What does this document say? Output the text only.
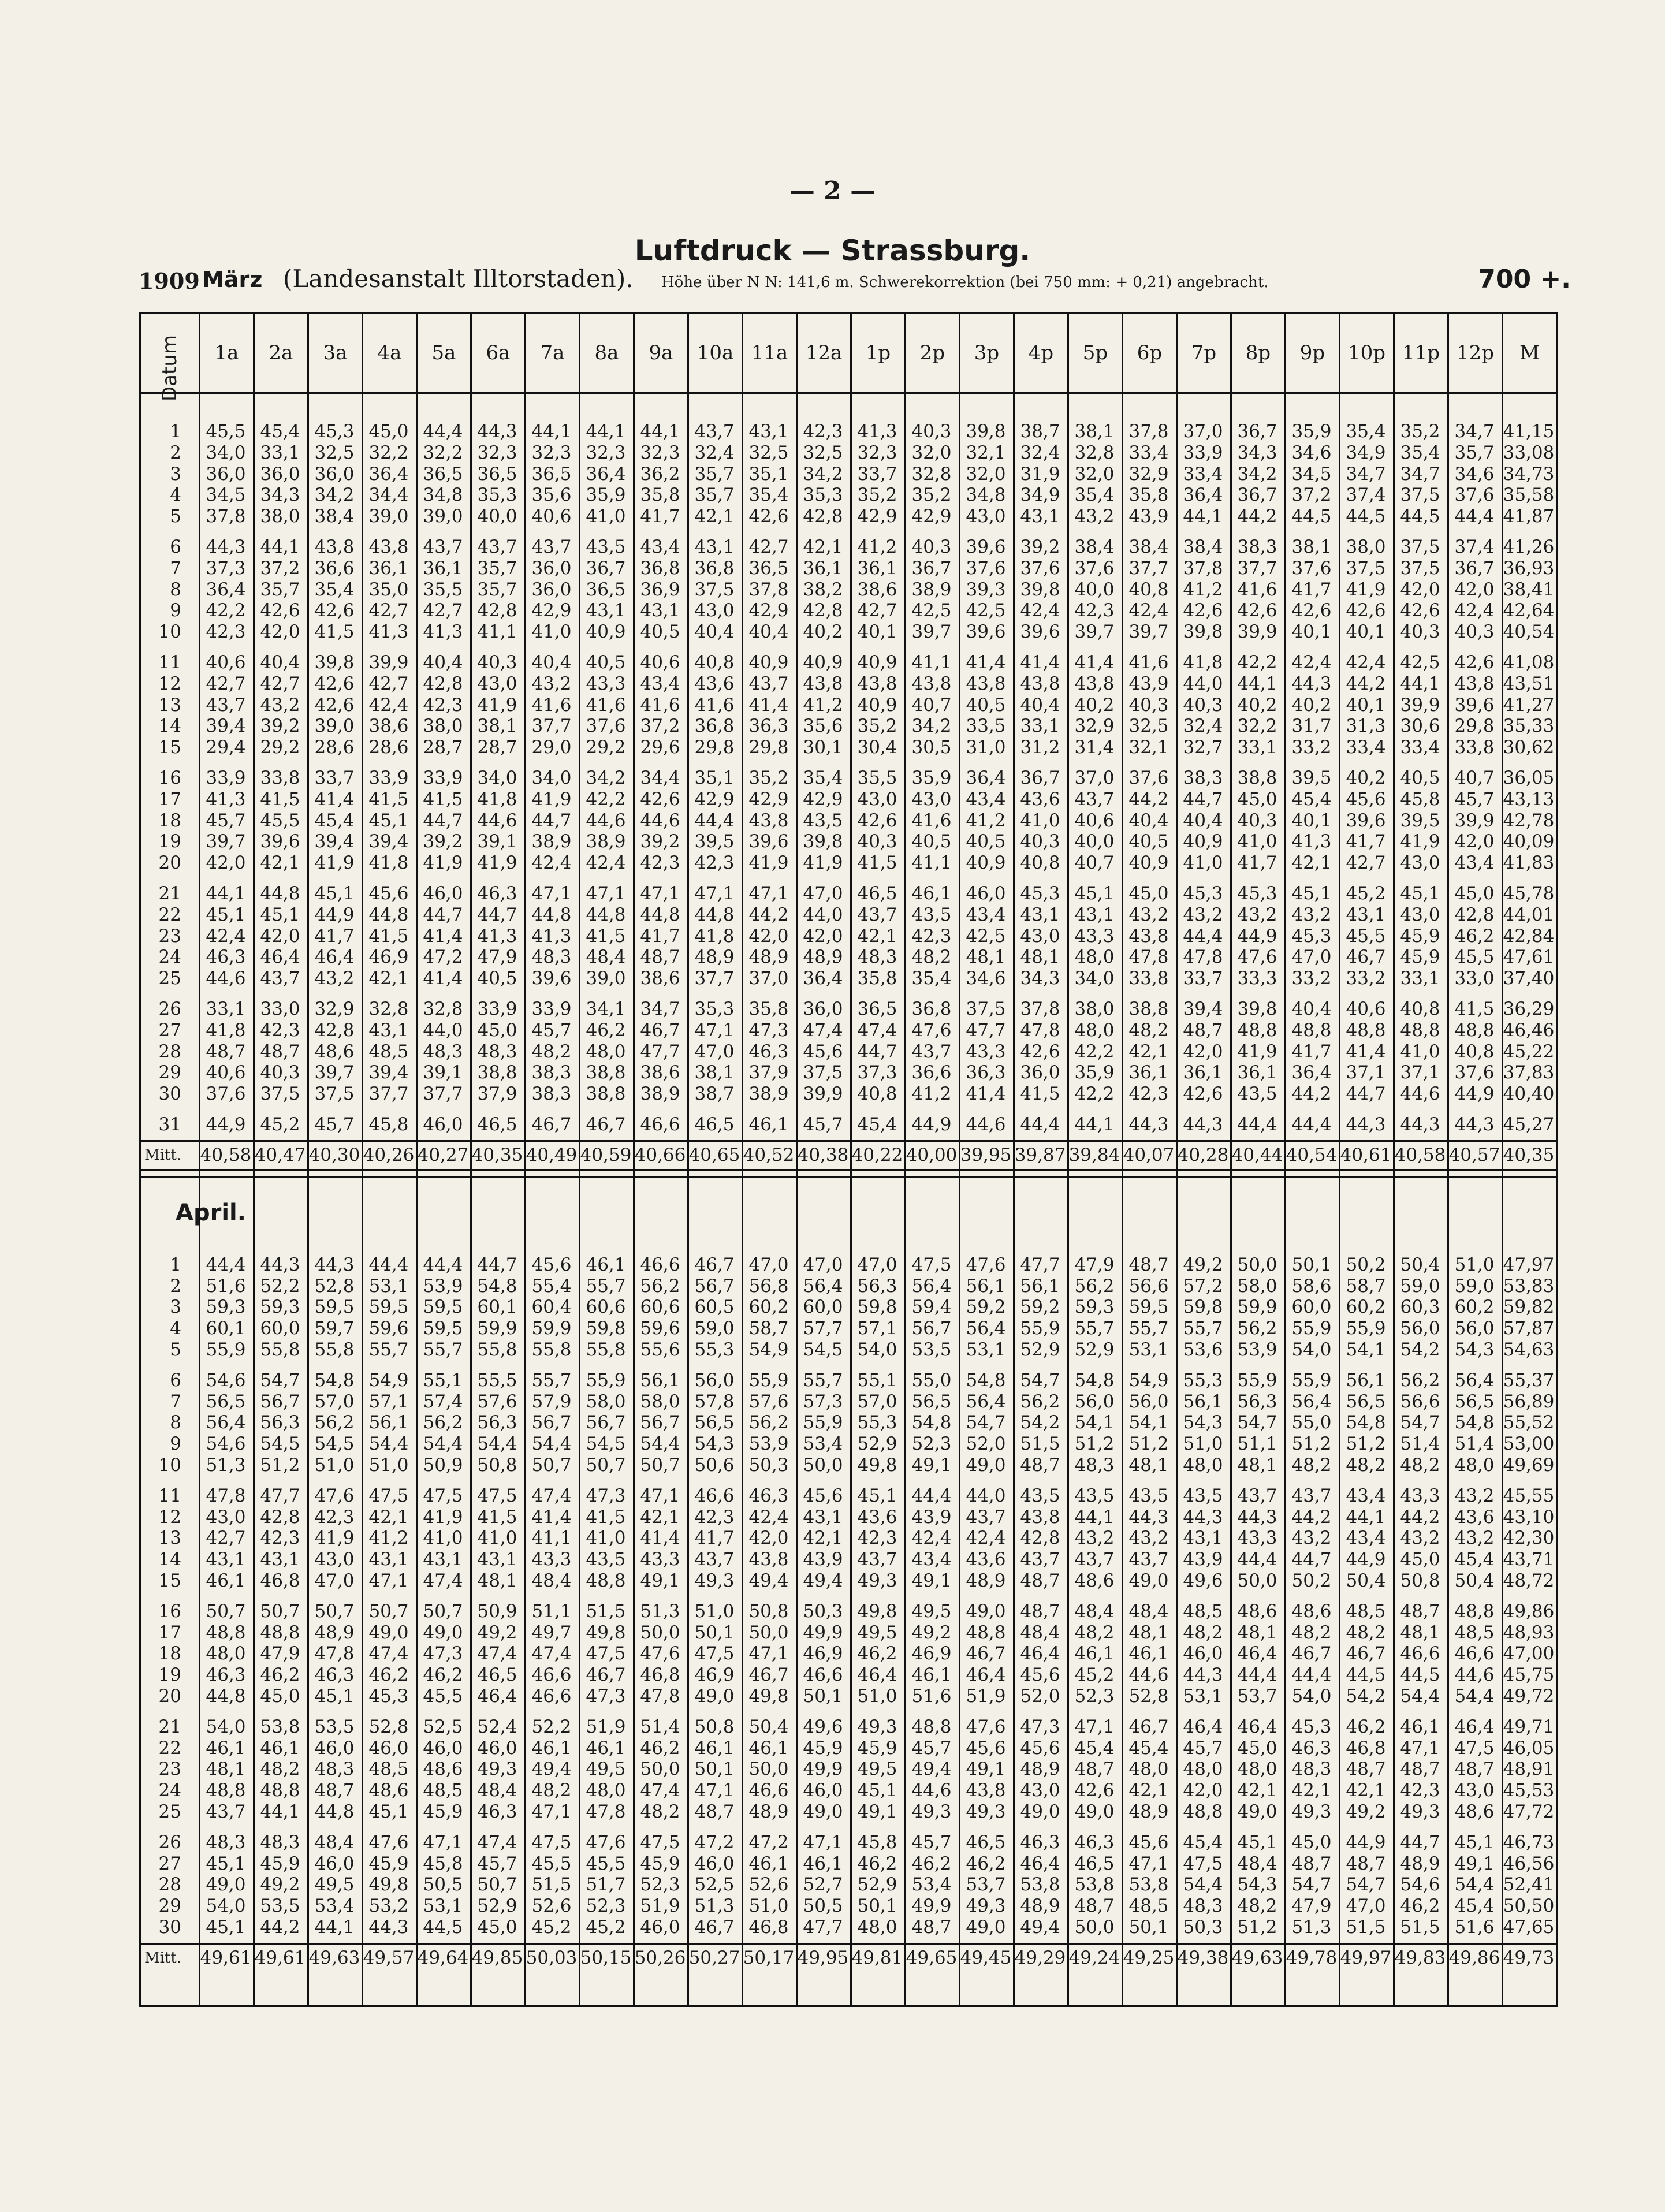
— 2 —
Luftdruck — Strassburg.
1909 März (Landesanstalt Illtorstaden). Höhe über N N: 141,6 m. Schwerekorrektion (bei 750 mm: + 0,21) angebracht.	700 +.
Datum	1a	2a	3a	4a	5a	6a	7a	8a	9a	10a 11a 12a	1p	2p	3p	4p	5p	6p	7p	8p	9p	10p 11p 12p	M
1	45,5 45,4 45,3 45,0 44,4 44,3 44,1 44,1 44,1 43,7 43,1 42,3 41,3 40,3 39,8 38,7 38,1 37,8 37,0 36,7 35,9 35,4 35,2 34,7 41,15
2	34,0 33,1 32,5 32,2 32,2 32,3 32,3 32,3 32,3 32,4 32,5 32,5 32,3 32,0 32,1 32,4 32,8 33,4 33,9 34,3 34,6 34,9 35,4 35,7 33,08
3	36,0 36,0 36,0 36,4 36,5 36,5 36,5 36,4 36,2 35,7 35,1 34,2 33,7 32,8 32,0 31,9 32,0 32,9 33,4 34,2 34,5 34,7 34,7 34,6 34,73
4	34,5 34,3 34,2 34,4 34,8 35,3 35,6 35,9 35,8 35,7 35,4 35,3 35,2 35,2 34,8 34,9 35,4 35,8 36,4 36,7 37,2 37,4 37,5 37,6 35,58
5	37,8 38,0 38,4 39,0 39,0 40,0 40,6 41,0 41,7 42,1 42,6 42,8 42,9 42,9 43,0 43,1 43,2 43,9 44,1 44,2 44,5 44,5 44,5 44,4 41,87
6	44,3 44,1 43,8 43,8 43,7 43,7 43,7 43,5 43,4 43,1 42,7 42,1 41,2 40,3 39,6 39,2 38,4 38,4 38,4 38,3 38,1 38,0 37,5 37,4 41,26
7	37,3 37,2 36,6 36,1 36,1 35,7 36,0 36,7 36,8 36,8 36,5 36,1 36,1 36,7 37,6 37,6 37,6 37,7 37,8 37,7 37,6 37,5 37,5 36,7 36,93
8	36,4 35,7 35,4 35,0 35,5 35,7 36,0 36,5 36,9 37,5 37,8 38,2 38,6 38,9 39,3 39,8 40,0 40,8 41,2 41,6 41,7 41,9 42,0 42,0 38,41
9	42,2 42,6 42,6 42,7 42,7 42,8 42,9 43,1 43,1 43,0 42,9 42,8 42,7 42,5 42,5 42,4 42,3 42,4 42,6 42,6 42,6 42,6 42,6 42,4 42,64
10	42,3 42,0 41,5 41,3 41,3 41,1 41,0 40,9 40,5 40,4 40,4 40,2 40,1 39,7 39,6 39,6 39,7 39,7 39,8 39,9 40,1 40,1 40,3 40,3 40,54
11	40,6 40,4 39,8 39,9 40,4 40,3 40,4 40,5 40,6 40,8 40,9 40,9 40,9 41,1 41,4 41,4 41,4 41,6 41,8 42,2 42,4 42,4 42,5 42,6 41,08
12	42,7 42,7 42,6 42,7 42,8 43,0 43,2 43,3 43,4 43,6 43,7 43,8 43,8 43,8 43,8 43,8 43,8 43,9 44,0 44,1 44,3 44,2 44,1 43,8 43,51
13	43,7 43,2 42,6 42,4 42,3 41,9 41,6 41,6 41,6 41,6 41,4 41,2 40,9 40,7 40,5 40,4 40,2 40,3 40,3 40,2 40,2 40,1 39,9 39,6 41,27
14	39,4 39,2 39,0 38,6 38,0 38,1 37,7 37,6 37,2 36,8 36,3 35,6 35,2 34,2 33,5 33,1 32,9 32,5 32,4 32,2 31,7 31,3 30,6 29,8 35,33
15	29,4 29,2 28,6 28,6 28,7 28,7 29,0 29,2 29,6 29,8 29,8 30,1 30,4 30,5 31,0 31,2 31,4 32,1 32,7 33,1 33,2 33,4 33,4 33,8 30,62
16	33,9 33,8 33,7 33,9 33,9 34,0 34,0 34,2 34,4 35,1 35,2 35,4 35,5 35,9 36,4 36,7 37,0 37,6 38,3 38,8 39,5 40,2 40,5 40,7 36,05
17	41,3 41,5 41,4 41,5 41,5 41,8 41,9 42,2 42,6 42,9 42,9 42,9 43,0 43,0 43,4 43,6 43,7 44,2 44,7 45,0 45,4 45,6 45,8 45,7 43,13
18	45,7 45,5 45,4 45,1 44,7 44,6 44,7 44,6 44,6 44,4 43,8 43,5 42,6 41,6 41,2 41,0 40,6 40,4 40,4 40,3 40,1 39,6 39,5 39,9 42,78
19	39,7 39,6 39,4 39,4 39,2 39,1 38,9 38,9 39,2 39,5 39,6 39,8 40,3 40,5 40,5 40,3 40,0 40,5 40,9 41,0 41,3 41,7 41,9 42,0 40,09
20	42,0 42,1 41,9 41,8 41,9 41,9 42,4 42,4 42,3 42,3 41,9 41,9 41,5 41,1 40,9 40,8 40,7 40,9 41,0 41,7 42,1 42,7 43,0 43,4 41,83
21	44,1 44,8 45,1 45,6 46,0 46,3 47,1 47,1 47,1 47,1 47,1 47,0 46,5 46,1 46,0 45,3 45,1 45,0 45,3 45,3 45,1 45,2 45,1 45,0 45,78
22	45,1 45,1 44,9 44,8 44,7 44,7 44,8 44,8 44,8 44,8 44,2 44,0 43,7 43,5 43,4 43,1 43,1 43,2 43,2 43,2 43,2 43,1 43,0 42,8 44,01
23	42,4 42,0 41,7 41,5 41,4 41,3 41,3 41,5 41,7 41,8 42,0 42,0 42,1 42,3 42,5 43,0 43,3 43,8 44,4 44,9 45,3 45,5 45,9 46,2 42,84
24	46,3 46,4 46,4 46,9 47,2 47,9 48,3 48,4 48,7 48,9 48,9 48,9 48,3 48,2 48,1 48,1 48,0 47,8 47,8 47,6 47,0 46,7 45,9 45,5 47,61
25	44,6 43,7 43,2 42,1 41,4 40,5 39,6 39,0 38,6 37,7 37,0 36,4 35,8 35,4 34,6 34,3 34,0 33,8 33,7 33,3 33,2 33,2 33,1 33,0 37,40
26	33,1 33,0 32,9 32,8 32,8 33,9 33,9 34,1 34,7 35,3 35,8 36,0 36,5 36,8 37,5 37,8 38,0 38,8 39,4 39,8 40,4 40,6 40,8 41,5 36,29
27	41,8 42,3 42,8 43,1 44,0 45,0 45,7 46,2 46,7 47,1 47,3 47,4 47,4 47,6 47,7 47,8 48,0 48,2 48,7 48,8 48,8 48,8 48,8 48,8 46,46
28	48,7 48,7 48,6 48,5 48,3 48,3 48,2 48,0 47,7 47,0 46,3 45,6 44,7 43,7 43,3 42,6 42,2 42,1 42,0 41,9 41,7 41,4 41,0 40,8 45,22
29	40,6 40,3 39,7 39,4 39,1 38,8 38,3 38,8 38,6 38,1 37,9 37,5 37,3 36,6 36,3 36,0 35,9 36,1 36,1 36,1 36,4 37,1 37,1 37,6 37,83
30	37,6 37,5 37,5 37,7 37,7 37,9 38,3 38,8 38,9 38,7 38,9 39,9 40,8 41,2 41,4 41,5 42,2 42,3 42,6 43,5 44,2 44,7 44,6 44,9 40,40
31	44,9 45,2 45,7 45,8 46,0 46,5 46,7 46,7 46,6 46,5 46,1 45,7 45,4 44,9 44,6 44,4 44,1 44,3 44,3 44,4 44,4 44,3 44,3 44,3 45,27
Mitt.	40,58 40,47 40,30 40,26 40,27 40,35 40,49 40,59 40,66 40,65 40,52 40,38 40,22 40,00 39,95 39,87 39,84 40,07 40,28 40,44 40,54 40,61 40,58 40,57 40,35
April.
1	44,4 44,3 44,3 44,4 44,4 44,7 45,6 46,1 46,6 46,7 47,0 47,0 47,0 47,5 47,6 47,7 47,9 48,7 49,2 50,0 50,1 50,2 50,4 51,0 47,97
2	51,6 52,2 52,8 53,1 53,9 54,8 55,4 55,7 56,2 56,7 56,8 56,4 56,3 56,4 56,1 56,1 56,2 56,6 57,2 58,0 58,6 58,7 59,0 59,0 53,83
3	59,3 59,3 59,5 59,5 59,5 60,1 60,4 60,6 60,6 60,5 60,2 60,0 59,8 59,4 59,2 59,2 59,3 59,5 59,8 59,9 60,0 60,2 60,3 60,2 59,82
4	60,1 60,0 59,7 59,6 59,5 59,9 59,9 59,8 59,6 59,0 58,7 57,7 57,1 56,7 56,4 55,9 55,7 55,7 55,7 56,2 55,9 55,9 56,0 56,0 57,87
5	55,9 55,8 55,8 55,7 55,7 55,8 55,8 55,8 55,6 55,3 54,9 54,5 54,0 53,5 53,1 52,9 52,9 53,1 53,6 53,9 54,0 54,1 54,2 54,3 54,63
6	54,6 54,7 54,8 54,9 55,1 55,5 55,7 55,9 56,1 56,0 55,9 55,7 55,1 55,0 54,8 54,7 54,8 54,9 55,3 55,9 55,9 56,1 56,2 56,4 55,37
7	56,5 56,7 57,0 57,1 57,4 57,6 57,9 58,0 58,0 57,8 57,6 57,3 57,0 56,5 56,4 56,2 56,0 56,0 56,1 56,3 56,4 56,5 56,6 56,5 56,89
8	56,4 56,3 56,2 56,1 56,2 56,3 56,7 56,7 56,7 56,5 56,2 55,9 55,3 54,8 54,7 54,2 54,1 54,1 54,3 54,7 55,0 54,8 54,7 54,8 55,52
9	54,6 54,5 54,5 54,4 54,4 54,4 54,4 54,5 54,4 54,3 53,9 53,4 52,9 52,3 52,0 51,5 51,2 51,2 51,0 51,1 51,2 51,2 51,4 51,4 53,00
10	51,3 51,2 51,0 51,0 50,9 50,8 50,7 50,7 50,7 50,6 50,3 50,0 49,8 49,1 49,0 48,7 48,3 48,1 48,0 48,1 48,2 48,2 48,2 48,0 49,69
11	47,8 47,7 47,6 47,5 47,5 47,5 47,4 47,3 47,1 46,6 46,3 45,6 45,1 44,4 44,0 43,5 43,5 43,5 43,5 43,7 43,7 43,4 43,3 43,2 45,55
12	43,0 42,8 42,3 42,1 41,9 41,5 41,4 41,5 42,1 42,3 42,4 43,1 43,6 43,9 43,7 43,8 44,1 44,3 44,3 44,3 44,2 44,1 44,2 43,6 43,10
13	42,7 42,3 41,9 41,2 41,0 41,0 41,1 41,0 41,4 41,7 42,0 42,1 42,3 42,4 42,4 42,8 43,2 43,2 43,1 43,3 43,2 43,4 43,2 43,2 42,30
14	43,1 43,1 43,0 43,1 43,1 43,1 43,3 43,5 43,3 43,7 43,8 43,9 43,7 43,4 43,6 43,7 43,7 43,7 43,9 44,4 44,7 44,9 45,0 45,4 43,71
15	46,1 46,8 47,0 47,1 47,4 48,1 48,4 48,8 49,1 49,3 49,4 49,4 49,3 49,1 48,9 48,7 48,6 49,0 49,6 50,0 50,2 50,4 50,8 50,4 48,72
16	50,7 50,7 50,7 50,7 50,7 50,9 51,1 51,5 51,3 51,0 50,8 50,3 49,8 49,5 49,0 48,7 48,4 48,4 48,5 48,6 48,6 48,5 48,7 48,8 49,86
17	48,8 48,8 48,9 49,0 49,0 49,2 49,7 49,8 50,0 50,1 50,0 49,9 49,5 49,2 48,8 48,4 48,2 48,1 48,2 48,1 48,2 48,2 48,1 48,5 48,93
18	48,0 47,9 47,8 47,4 47,3 47,4 47,4 47,5 47,6 47,5 47,1 46,9 46,2 46,9 46,7 46,4 46,1 46,1 46,0 46,4 46,7 46,7 46,6 46,6 47,00
19	46,3 46,2 46,3 46,2 46,2 46,5 46,6 46,7 46,8 46,9 46,7 46,6 46,4 46,1 46,4 45,6 45,2 44,6 44,3 44,4 44,4 44,5 44,5 44,6 45,75
20	44,8 45,0 45,1 45,3 45,5 46,4 46,6 47,3 47,8 49,0 49,8 50,1 51,0 51,6 51,9 52,0 52,3 52,8 53,1 53,7 54,0 54,2 54,4 54,4 49,72
21	54,0 53,8 53,5 52,8 52,5 52,4 52,2 51,9 51,4 50,8 50,4 49,6 49,3 48,8 47,6 47,3 47,1 46,7 46,4 46,4 45,3 46,2 46,1 46,4 49,71
22	46,1 46,1 46,0 46,0 46,0 46,0 46,1 46,1 46,2 46,1 46,1 45,9 45,9 45,7 45,6 45,6 45,4 45,4 45,7 45,0 46,3 46,8 47,1 47,5 46,05
23	48,1 48,2 48,3 48,5 48,6 49,3 49,4 49,5 50,0 50,1 50,0 49,9 49,5 49,4 49,1 48,9 48,7 48,0 48,0 48,0 48,3 48,7 48,7 48,7 48,91
24	48,8 48,8 48,7 48,6 48,5 48,4 48,2 48,0 47,4 47,1 46,6 46,0 45,1 44,6 43,8 43,0 42,6 42,1 42,0 42,1 42,1 42,1 42,3 43,0 45,53
25	43,7 44,1 44,8 45,1 45,9 46,3 47,1 47,8 48,2 48,7 48,9 49,0 49,1 49,3 49,3 49,0 49,0 48,9 48,8 49,0 49,3 49,2 49,3 48,6 47,72
26	48,3 48,3 48,4 47,6 47,1 47,4 47,5 47,6 47,5 47,2 47,2 47,1 45,8 45,7 46,5 46,3 46,3 45,6 45,4 45,1 45,0 44,9 44,7 45,1 46,73
27	45,1 45,9 46,0 45,9 45,8 45,7 45,5 45,5 45,9 46,0 46,1 46,1 46,2 46,2 46,2 46,4 46,5 47,1 47,5 48,4 48,7 48,7 48,9 49,1 46,56
28	49,0 49,2 49,5 49,8 50,5 50,7 51,5 51,7 52,3 52,5 52,6 52,7 52,9 53,4 53,7 53,8 53,8 53,8 54,4 54,3 54,7 54,7 54,6 54,4 52,41
29	54,0 53,5 53,4 53,2 53,1 52,9 52,6 52,3 51,9 51,3 51,0 50,5 50,1 49,9 49,3 48,9 48,7 48,5 48,3 48,2 47,9 47,0 46,2 45,4 50,50
30	45,1 44,2 44,1 44,3 44,5 45,0 45,2 45,2 46,0 46,7 46,8 47,7 48,0 48,7 49,0 49,4 50,0 50,1 50,3 51,2 51,3 51,5 51,5 51,6 47,65
Mitt.	49,61 49,61 49,63 49,57 49,64 49,85 50,03 50,15 50,26 50,27 50,17 49,95 49,81 49,65 49,45 49,29 49,24 49,25 49,38 49,63 49,78 49,97 49,83 49,86 49,73
